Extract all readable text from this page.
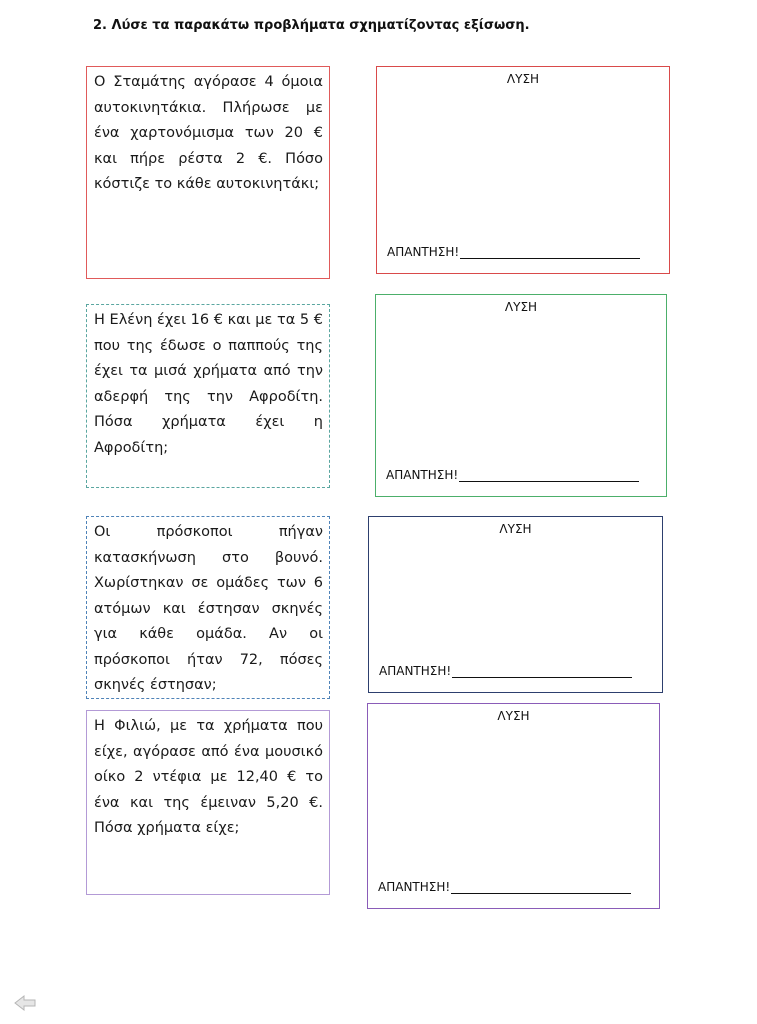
2. Λύσε τα παρακάτω προβλήματα σχηματίζοντας εξίσωση.
Ο Σταμάτης αγόρασε 4 όμοια αυτοκινητάκια. Πλήρωσε με ένα χαρτονόμισμα των 20 € και πήρε ρέστα 2 €. Πόσο κόστιζε το κάθε αυτοκινητάκι;
Η Ελένη έχει 16 € και με τα 5 € που της έδωσε ο παππούς της έχει τα μισά χρήματα από την αδερφή της την Αφροδίτη. Πόσα χρήματα έχει η Αφροδίτη;
Οι πρόσκοποι πήγαν κατασκήνωση στο βουνό. Χωρίστηκαν σε ομάδες των 6 ατόμων και έστησαν σκηνές για κάθε ομάδα. Αν οι πρόσκοποι ήταν 72, πόσες σκηνές έστησαν;
Η Φιλιώ, με τα χρήματα που είχε, αγόρασε από ένα μουσικό οίκο 2 ντέφια με 12,40 € το ένα και της έμειναν 5,20 €. Πόσα χρήματα είχε;
ΛΥΣΗ
ΑΠΑΝΤΗΣΗ!
ΛΥΣΗ
ΑΠΑΝΤΗΣΗ!
ΛΥΣΗ
ΑΠΑΝΤΗΣΗ!
ΛΥΣΗ
ΑΠΑΝΤΗΣΗ!
